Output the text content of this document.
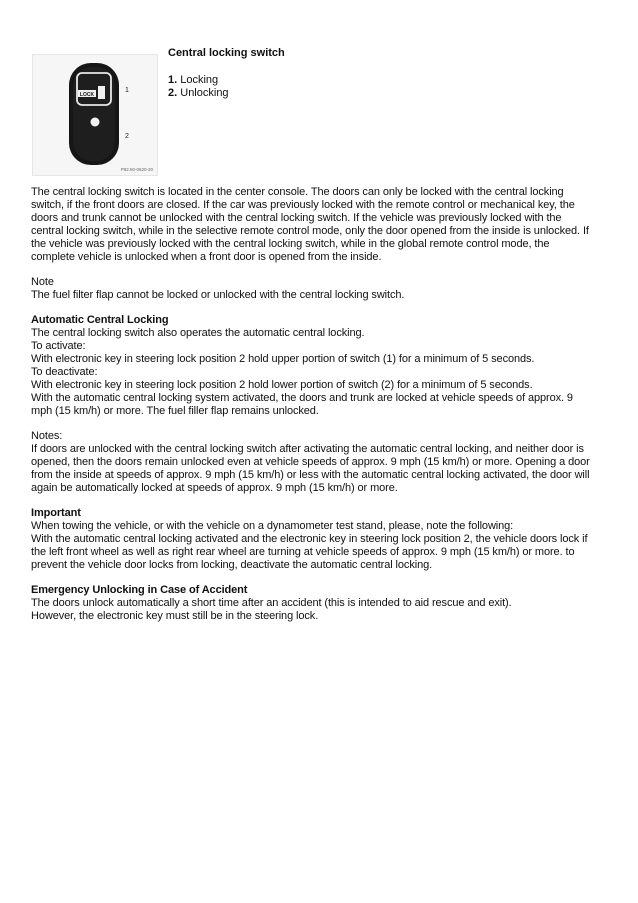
LOCK
1
2
P82.50-0620-20
Central locking switch
1. Locking
2. Unlocking

The central locking switch is located in the center console. The doors can only be locked with the central locking switch, if the front doors are closed. If the car was previously locked with the remote control or mechanical key, the doors and trunk cannot be unlocked with the central locking switch. If the vehicle was previously locked with the central locking switch, while in the selective remote control mode, only the door opened from the inside is unlocked. If the vehicle was previously locked with the central locking switch, while in the global remote control mode, the complete vehicle is unlocked when a front door is opened from the inside.

Note
The fuel filter flap cannot be locked or unlocked with the central locking switch.

Automatic Central Locking
The central locking switch also operates the automatic central locking.
To activate:
With electronic key in steering lock position 2 hold upper portion of switch (1) for a minimum of 5 seconds.
To deactivate:
With electronic key in steering lock position 2 hold lower portion of switch (2) for a minimum of 5 seconds.
With the automatic central locking system activated, the doors and trunk are locked at vehicle speeds of approx. 9 mph (15 km/h) or more. The fuel filler flap remains unlocked.

Notes:
If doors are unlocked with the central locking switch after activating the automatic central locking, and neither door is opened, then the doors remain unlocked even at vehicle speeds of approx. 9 mph (15 km/h) or more. Opening a door from the inside at speeds of approx. 9 mph (15 km/h) or less with the automatic central locking activated, the door will again be automatically locked at speeds of approx. 9 mph (15 km/h) or more.

Important
When towing the vehicle, or with the vehicle on a dynamometer test stand, please, note the following:
With the automatic central locking activated and the electronic key in steering lock position 2, the vehicle doors lock if the left front wheel as well as right rear wheel are turning at vehicle speeds of approx. 9 mph (15 km/h) or more. to prevent the vehicle door locks from locking, deactivate the automatic central locking.

Emergency Unlocking in Case of Accident
The doors unlock automatically a short time after an accident (this is intended to aid rescue and exit).
However, the electronic key must still be in the steering lock.
